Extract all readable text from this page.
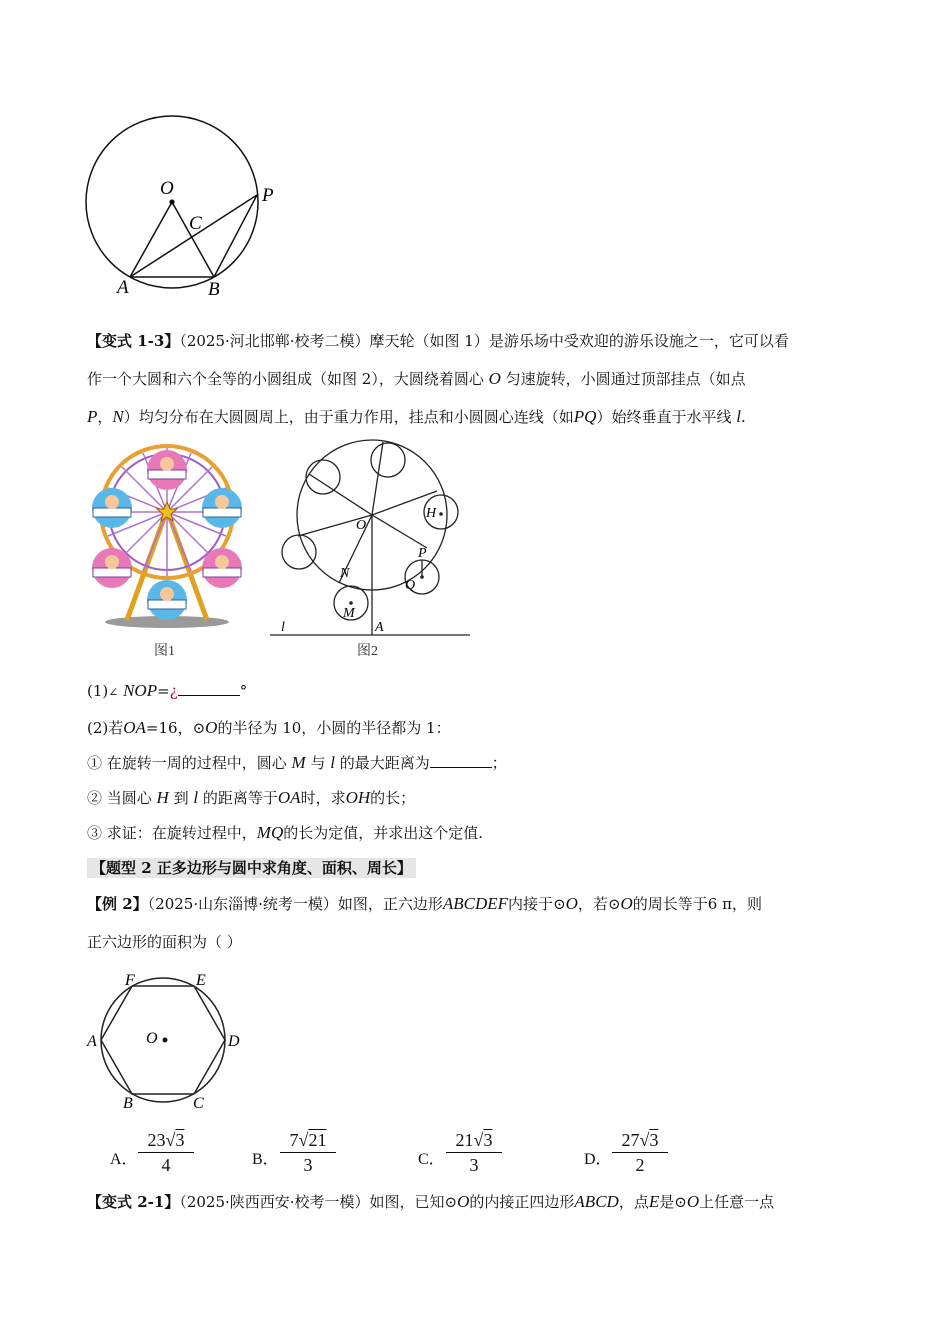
O
C
P
A	B
【变式 1-3】（2025·河北邯郸·校考二模）摩天轮（如图 1）是游乐场中受欢迎的游乐设施之一，它可以看
作一个大圆和六个全等的小圆组成（如图 2），大圆绕着圆心 O 匀速旋转，小圆通过顶部挂点（如点
P，N）均匀分布在大圆圆周上，由于重力作用，挂点和小圆圆心连线（如PQ）始终垂直于水平线 l.
图1
O
H
P
Q
N
M
A
l
图2
(1)∠ NOP=¿	°
(2)若OA=16，⊙O的半径为 10，小圆的半径都为 1：
① 在旋转一周的过程中，圆心 M 与 l 的最大距离为	；
② 当圆心 H 到 l 的距离等于OA时，求OH的长；
③ 求证：在旋转过程中，MQ的长为定值，并求出这个定值.
【题型 2 正多边形与圆中求角度、面积、周长】
【例 2】（2025·山东淄博·统考一模）如图，正六边形ABCDEF内接于⊙O，若⊙O的周长等于6 π，则
正六边形的面积为（ ）
F	E
A	D
B	C
O
A． $\frac{23√3}{4}$	B． $\frac{7√21}{3}$	C． $\frac{21√3}{3}$	D． $\frac{27√3}{2}$
【变式 2-1】（2025·陕西西安·校考一模）如图，已知⊙O的内接正四边形ABCD，点E是⊙O上任意一点
